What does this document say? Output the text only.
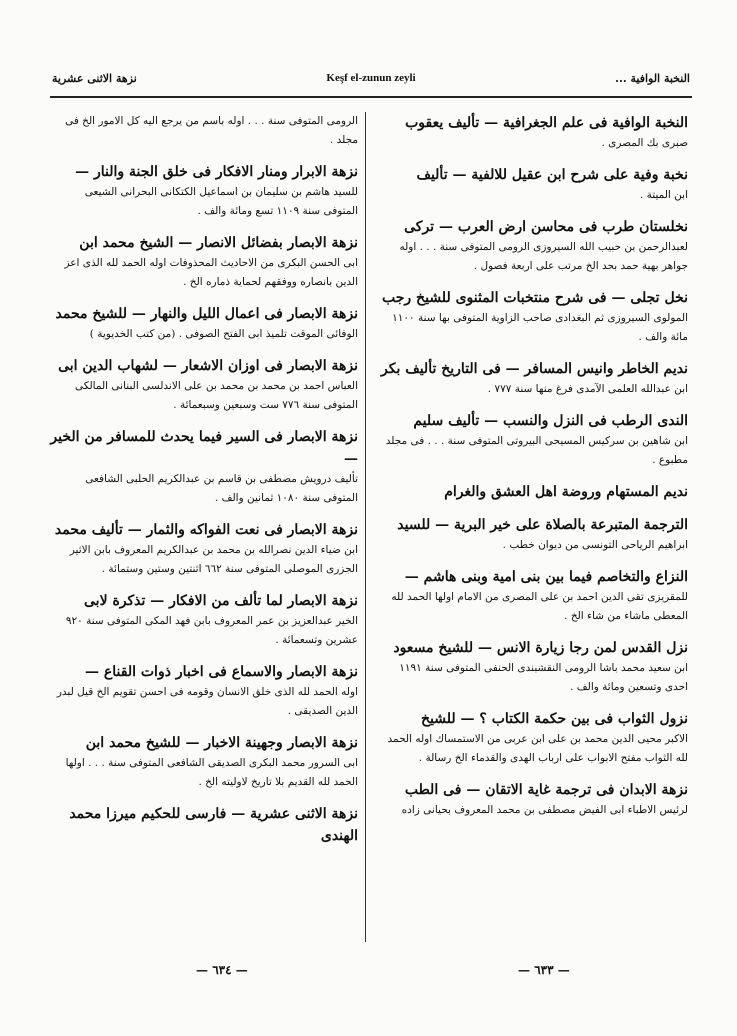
نزهة الاثنى عشرية	Keşf el-zunun zeyli	النخبة الوافية ...

النخبة الوافية فى علم الجغرافية — تأليف يعقوب

صبرى بك المصرى .

نخبة وفية على شرح ابن عقيل للالفية — تأليف

ابن الميتة .

نخلستان طرب فى محاسن ارض العرب — تركى

لعبدالرحمن بن حبيب الله السيروزى الرومى المتوفى سنة . . . اوله جواهر بهية حمد بحد الخ مرتب على اربعة فصول .

نخل تجلى — فى شرح منتخبات المثنوى للشيخ رجب

المولوى السيروزى ثم البغدادى صاحب الزاوية المتوفى بها سنة ١١٠٠ مائة والف .

نديم الخاطر وانيس المسافر — فى التاريخ تأليف بكر

ابن عبدالله العلمى الآمدى فرغ منها سنة ٧٧٧ .

الندى الرطب فى النزل والنسب — تأليف سليم

ابن شاهين بن سركيس المسيحى البيروتى المتوفى سنة . . . فى مجلد مطبوع .

نديم المستهام وروضة اهل العشق والغرام

الترجمة المتبرعة بالصلاة على خير البرية — للسيد

ابراهيم الرياحى التونسى من ديوان خطب .

النزاع والتخاصم فيما بين بنى امية وبنى هاشم —

للمقريزى تقى الدين احمد بن على المصرى من الامام اولها الحمد لله المعطى ماشاء من شاء الخ .

نزل القدس لمن رجا زيارة الانس — للشيخ مسعود

ابن سعيد محمد باشا الرومى النقشبندى الحنفى المتوفى سنة ١١٩١ احدى وتسعين ومائة والف .

نزول الثواب فى بين حكمة الكتاب ؟ — للشيخ

الاكبر محيى الدين محمد بن على ابن عربى من الاستمساك اوله الحمد لله الثواب مفتح الابواب على ارباب الهدى والقدماء الخ رسالة .

نزهة الابدان فى ترجمة غاية الاتقان — فى الطب

لرئيس الاطباء ابى الفيض مصطفى بن محمد المعروف بحيانى زاده

الرومى المتوفى سنة . . . اوله باسم من يرجع اليه كل الامور الخ فى مجلد .

نزهة الابرار ومنار الافكار فى خلق الجنة والنار —

للسيد هاشم بن سليمان بن اسماعيل الكتكانى البحرانى الشيعى المتوفى سنة ١١٠٩ تسع ومائة والف .

نزهة الابصار بفضائل الانصار — الشيخ محمد ابن

ابى الحسن البكرى من الاحاديث المحذوفات اوله الحمد لله الذى اعز الدين بانصاره ووفقهم لحماية ذماره الخ .

نزهة الابصار فى اعمال الليل والنهار — للشيخ محمد

الوفائى الموقت تلميذ ابى الفتح الصوفى . (من كتب الخديوية )

نزهة الابصار فى اوزان الاشعار — لشهاب الدين ابى

العباس احمد بن محمد بن محمد بن على الاندلسى البنانى المالكى المتوفى سنة ٧٧٦ ست وسبعين وسبعمائة .

نزهة الابصار فى السير فيما يحدث للمسافر من الخير —

تأليف درويش مصطفى بن قاسم بن عبدالكريم الحلبى الشافعى المتوفى سنة ١٠٨٠ ثمانين والف .

نزهة الابصار فى نعت الفواكه والثمار — تأليف محمد

ابن ضياء الدين نصرالله بن محمد بن عبدالكريم المعروف بابن الاثير الجزرى الموصلى المتوفى سنة ٦٦٢ اثنتين وستين وستمائة .

نزهة الابصار لما تألف من الافكار — تذكرة لابى

الخير عبدالعزيز بن عمر المعروف بابن فهد المكى المتوفى سنة ٩٢٠ عشرين وتسعمائة .

نزهة الابصار والاسماع فى اخبار ذوات القناع —

اوله الحمد لله الذى خلق الانسان وقومه فى احسن تقويم الخ قيل لبدر الدين الصديقى .

نزهة الابصار وجهينة الاخبار — للشيخ محمد ابن

ابى السرور محمد البكرى الصديقى الشافعى المتوفى سنة . . . اولها الحمد لله القديم بلا تاريخ لاوليته الخ .

نزهة الاثنى عشرية — فارسى للحكيم ميرزا محمد الهندى

— ٦٣٤ —	— ٦٣٣ —
